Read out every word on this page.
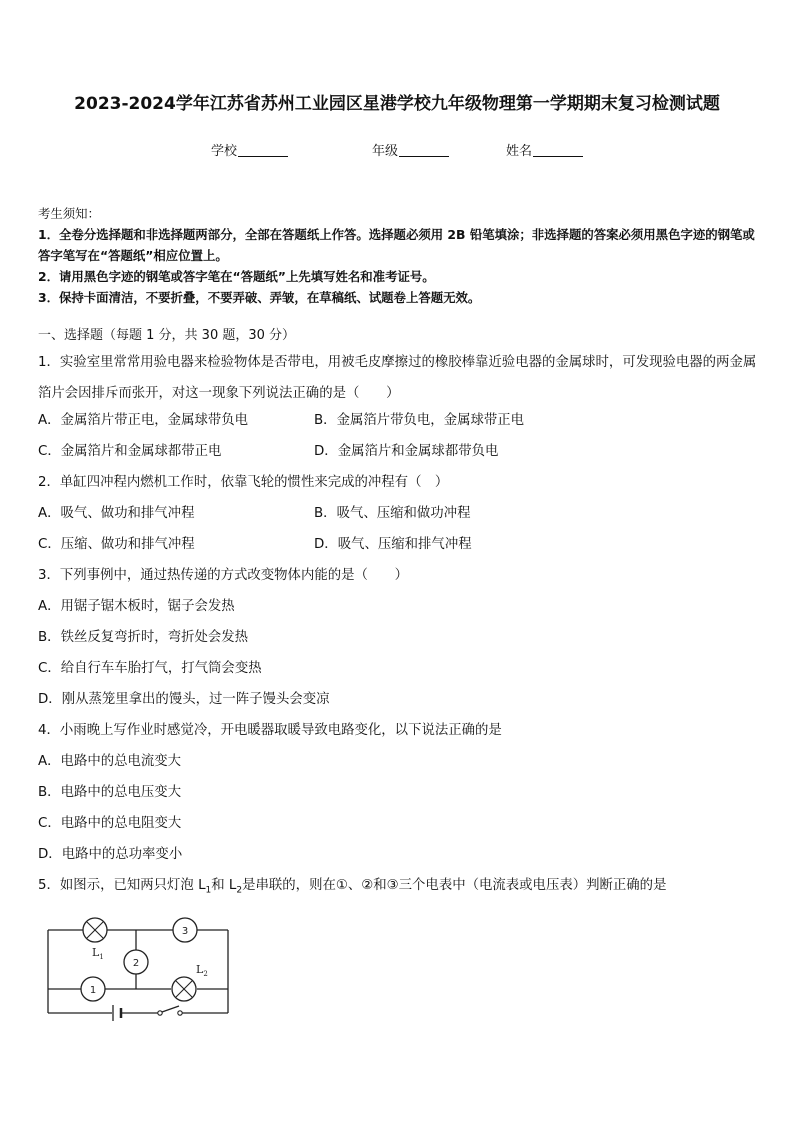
2023-2024学年江苏省苏州工业园区星港学校九年级物理第一学期期末复习检测试题
学校	年级	姓名
考生须知：
1．全卷分选择题和非选择题两部分，全部在答题纸上作答。选择题必须用 2B 铅笔填涂；非选择题的答案必须用黑色字迹的钢笔或答字笔写在“答题纸”相应位置上。
2．请用黑色字迹的钢笔或答字笔在“答题纸”上先填写姓名和准考证号。
3．保持卡面清洁，不要折叠，不要弄破、弄皱，在草稿纸、试题卷上答题无效。
一、选择题（每题 1 分，共 30 题，30 分）
1．实验室里常常用验电器来检验物体是否带电，用被毛皮摩擦过的橡胶棒靠近验电器的金属球时，可发现验电器的两金属箔片会因排斥而张开，对这一现象下列说法正确的是（　　）
A．金属箔片带正电，金属球带负电	B．金属箔片带负电，金属球带正电
C．金属箔片和金属球都带正电	D．金属箔片和金属球都带负电
2．单缸四冲程内燃机工作时，依靠飞轮的惯性来完成的冲程有（　）
A．吸气、做功和排气冲程	B．吸气、压缩和做功冲程
C．压缩、做功和排气冲程	D．吸气、压缩和排气冲程
3．下列事例中，通过热传递的方式改变物体内能的是（　　）
A．用锯子锯木板时，锯子会发热
B．铁丝反复弯折时，弯折处会发热
C．给自行车车胎打气，打气筒会变热
D．刚从蒸笼里拿出的馒头，过一阵子馒头会变凉
4．小雨晚上写作业时感觉冷，开电暖器取暖导致电路变化，以下说法正确的是
A．电路中的总电流变大
B．电路中的总电压变大
C．电路中的总电阻变大
D．电路中的总功率变小
5．如图示，已知两只灯泡 $L_1$和 $L_2$是串联的，则在①、②和③三个电表中（电流表或电压表）判断正确的是
$L_1$
$L_2$
3
2
1
